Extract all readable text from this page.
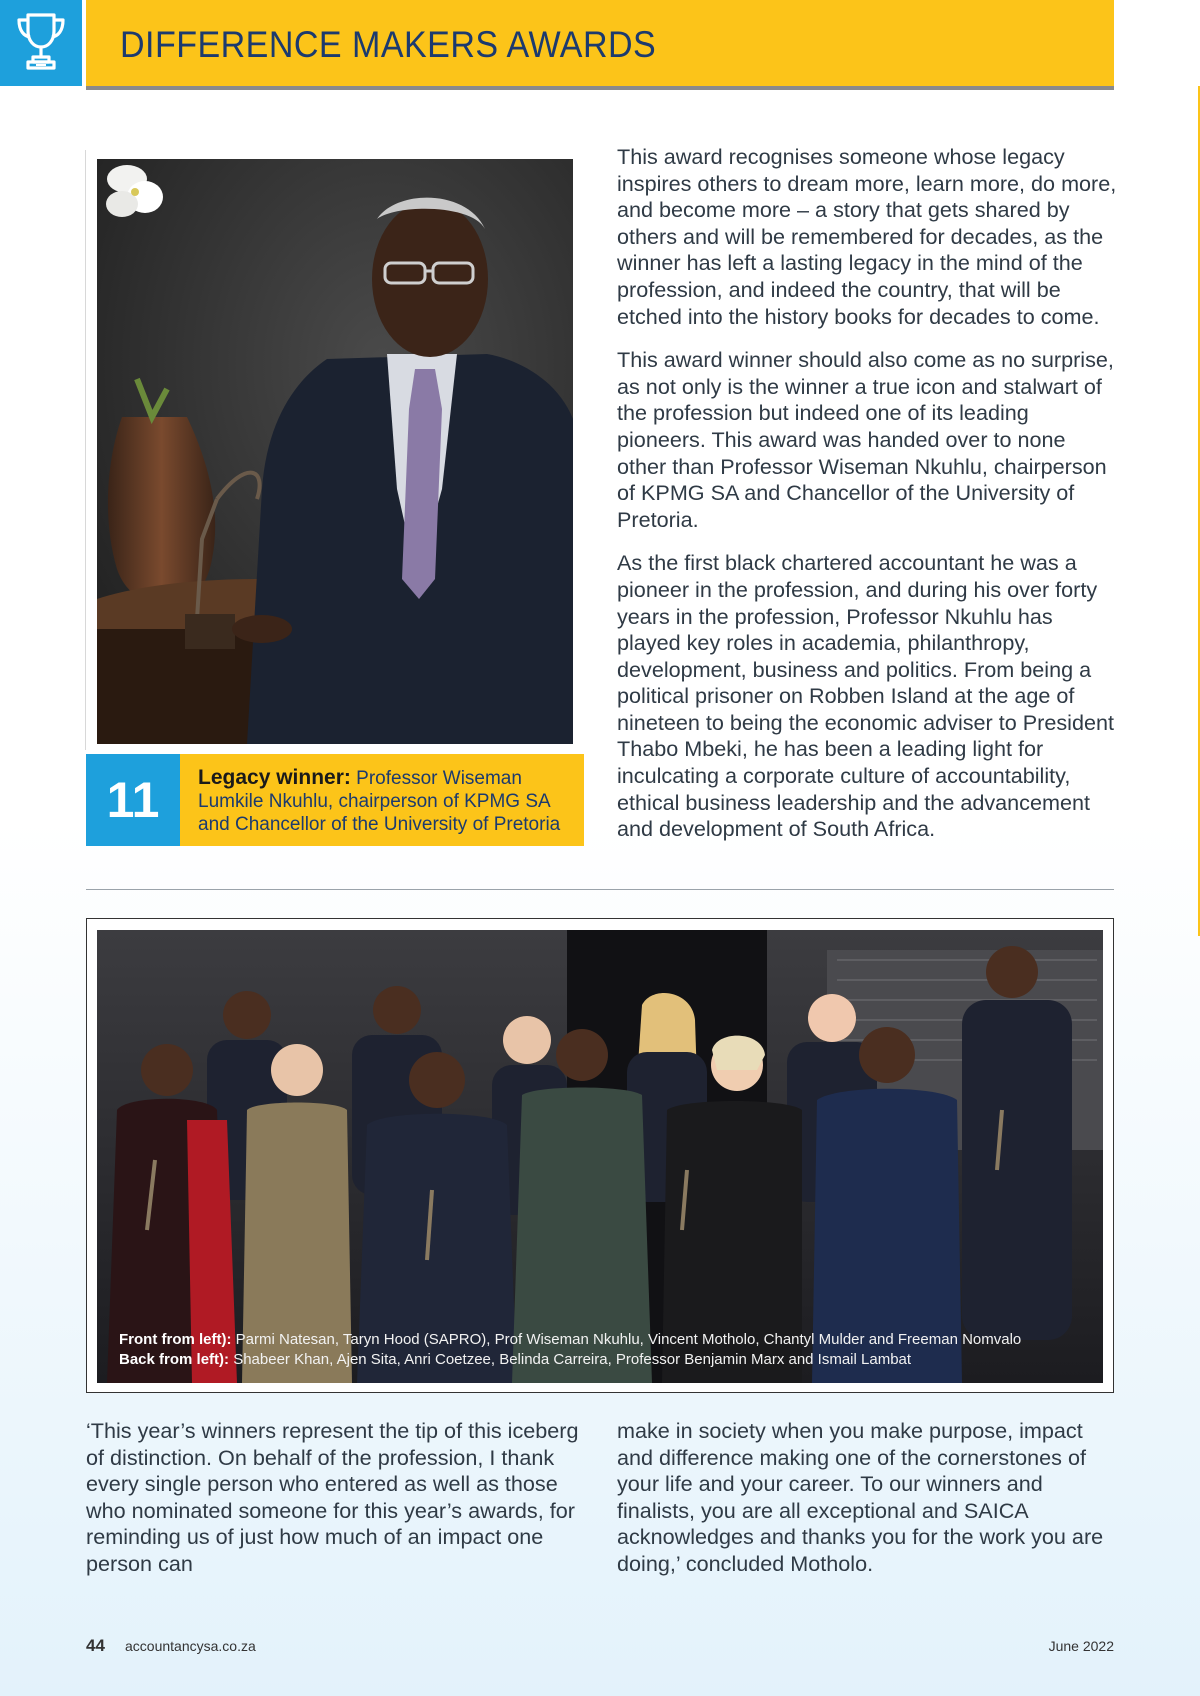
DIFFERENCE MAKERS AWARDS
11	Legacy winner: Professor Wiseman Lumkile Nkuhlu, chairperson of KPMG SA and Chancellor of the University of Pretoria

This award recognises someone whose legacy inspires others to dream more, learn more, do more, and become more – a story that gets shared by others and will be remembered for decades, as the winner has left a lasting legacy in the mind of the profession, and indeed the country, that will be etched into the history books for decades to come.

This award winner should also come as no surprise, as not only is the winner a true icon and stalwart of the profession but indeed one of its leading pioneers. This award was handed over to none other than Professor Wiseman Nkuhlu, chairperson of KPMG SA and Chancellor of the University of Pretoria.

As the first black chartered accountant he was a pioneer in the profession, and during his over forty years in the profession, Professor Nkuhlu has played key roles in academia, philanthropy, development, business and politics. From being a political prisoner on Robben Island at the age of nineteen to being the economic adviser to President Thabo Mbeki, he has been a leading light for inculcating a corporate culture of accountability, ethical business leadership and the advancement and development of South Africa.

Front from left): Parmi Natesan, Taryn Hood (SAPRO), Prof Wiseman Nkuhlu, Vincent Motholo, Chantyl Mulder and Freeman Nomvalo
Back from left): Shabeer Khan, Ajen Sita, Anri Coetzee, Belinda Carreira, Professor Benjamin Marx and Ismail Lambat
‘This year’s winners represent the tip of this iceberg of distinction. On behalf of the profession, I thank every single person who entered as well as those who nominated someone for this year’s awards, for reminding us of just how much of an impact one person can
make in society when you make purpose, impact and difference making one of the cornerstones of your life and your career. To our winners and finalists, you are all exceptional and SAICA acknowledges and thanks you for the work you are doing,’ concluded Motholo.
44 accountancysa.co.za	June 2022
